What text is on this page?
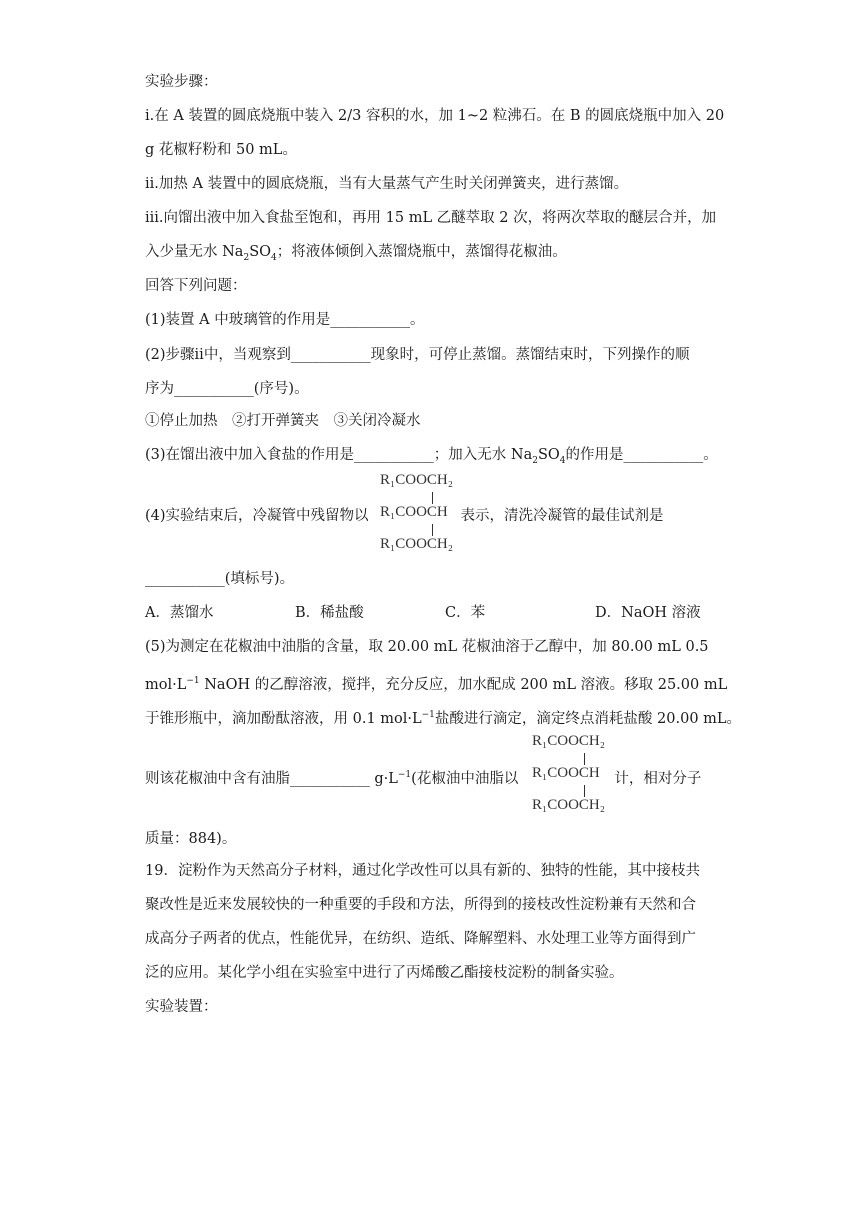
实验步骤：
i.在 A 装置的圆底烧瓶中装入 2/3 容积的水，加 1~2 粒沸石。在 B 的圆底烧瓶中加入 20
g 花椒籽粉和 50 mL。
ii.加热 A 装置中的圆底烧瓶，当有大量蒸气产生时关闭弹簧夹，进行蒸馏。
iii.向馏出液中加入食盐至饱和，再用 15 mL 乙醚萃取 2 次，将两次萃取的醚层合并，加
入少量无水 $Na_2SO_4$；将液体倾倒入蒸馏烧瓶中，蒸馏得花椒油。
回答下列问题：
(1)装置 A 中玻璃管的作用是___________。
(2)步骤ii中，当观察到___________现象时，可停止蒸馏。蒸馏结束时，下列操作的顺
序为___________(序号)。
①停止加热　②打开弹簧夹　③关闭冷凝水
(3)在馏出液中加入食盐的作用是___________；加入无水 $Na_2SO_4$的作用是___________。
(4)实验结束后，冷凝管中残留物以	表示，清洗冷凝管的最佳试剂是
R₁COOCH₂
R₁COOCH
R₁COOCH₂
___________(填标号)。
A．蒸馏水	B．稀盐酸	C．苯	D．NaOH 溶液
(5)为测定在花椒油中油脂的含量，取 20.00 mL 花椒油溶于乙醇中，加 80.00 mL 0.5
$mol\cdot L^{-1}$ NaOH 的乙醇溶液，搅拌，充分反应，加水配成 200 mL 溶液。移取 25.00 mL
于锥形瓶中，滴加酚酞溶液，用 0.1 $mol\cdot L^{-1}$盐酸进行滴定，滴定终点消耗盐酸 20.00 mL。
则该花椒油中含有油脂___________ $g\cdot L^{-1}$(花椒油中油脂以	计，相对分子
R₁COOCH₂
R₁COOCH
R₁COOCH₂
质量：884)。
19．淀粉作为天然高分子材料，通过化学改性可以具有新的、独特的性能，其中接枝共
聚改性是近来发展较快的一种重要的手段和方法，所得到的接枝改性淀粉兼有天然和合
成高分子两者的优点，性能优异，在纺织、造纸、降解塑料、水处理工业等方面得到广
泛的应用。某化学小组在实验室中进行了丙烯酸乙酯接枝淀粉的制备实验。
实验装置：
